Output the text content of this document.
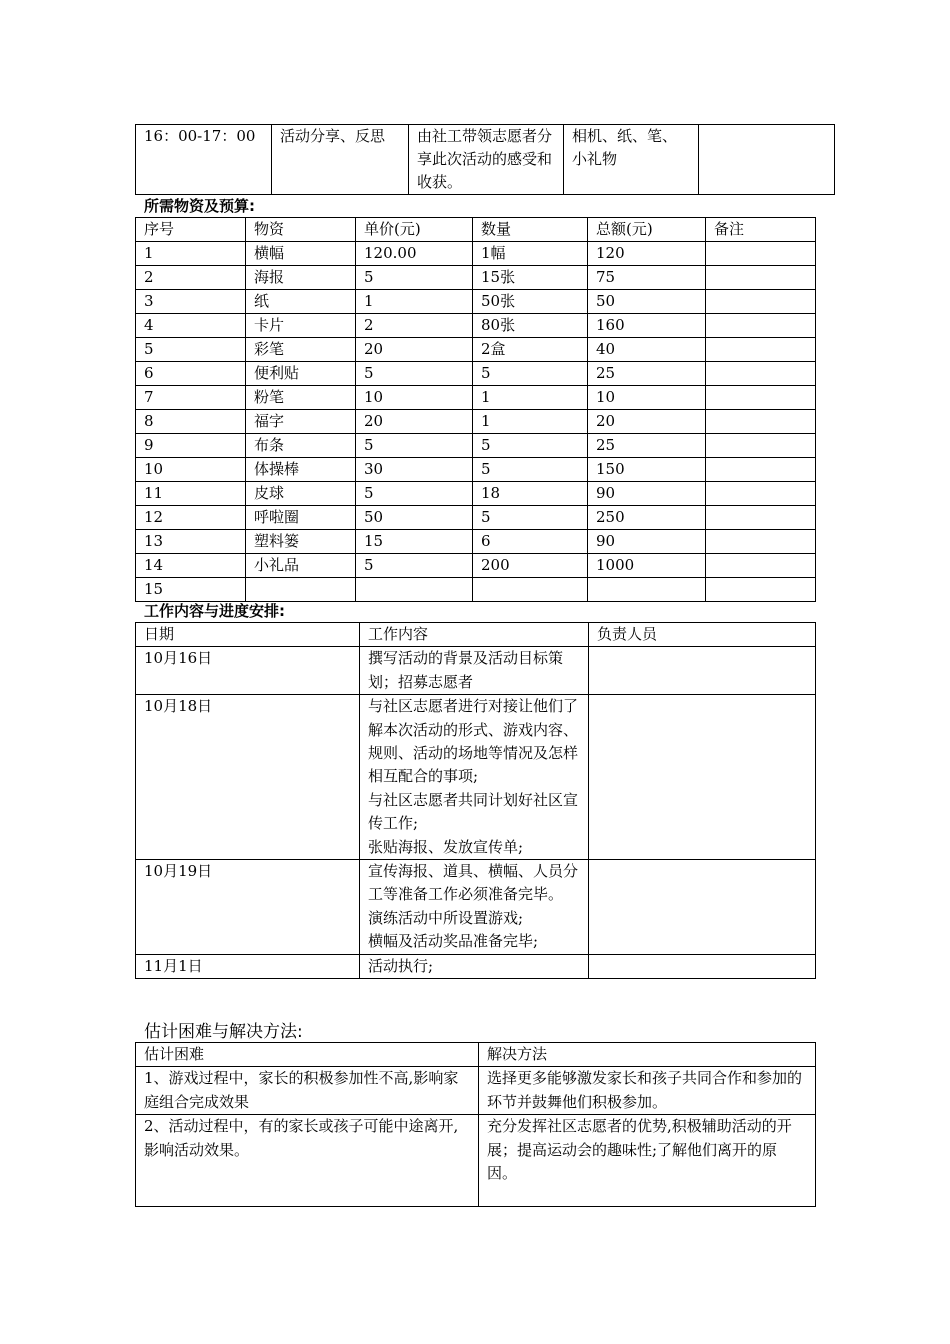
16：00-17：00	活动分享、反思	由社工带领志愿者分享此次活动的感受和收获。	相机、纸、笔、小礼物	
所需物资及预算:
序号	物资	单价(元)	数量	总额(元)	备注
1	横幅	120.00	1幅	120	
2	海报	5	15张	75	
3	纸	1	50张	50	
4	卡片	2	80张	160	
5	彩笔	20	2盒	40	
6	便利贴	5	5	25	
7	粉笔	10	1	10	
8	福字	20	1	20	
9	布条	5	5	25	
10	体操棒	30	5	150	
11	皮球	5	18	90	
12	呼啦圈	50	5	250	
13	塑料篓	15	6	90	
14	小礼品	5	200	1000	
15					
工作内容与进度安排:
日期	工作内容	负责人员
10月16日	撰写活动的背景及活动目标策划；招募志愿者	

10月18日	与社区志愿者进行对接让他们了解本次活动的形式、游戏内容、规则、活动的场地等情况及怎样相互配合的事项;
与社区志愿者共同计划好社区宣传工作;
张贴海报、发放宣传单;	

10月19日	宣传海报、道具、横幅、人员分工等准备工作必须准备完毕。
演练活动中所设置游戏;
横幅及活动奖品准备完毕;	

11月1日	活动执行;	

估计困难与解决方法:
估计困难	解决方法
1、游戏过程中，家长的积极参加性不高,影响家庭组合完成效果	选择更多能够激发家长和孩子共同合作和参加的环节并鼓舞他们积极参加。
2、活动过程中，有的家长或孩子可能中途离开,影响活动效果。	充分发挥社区志愿者的优势,积极辅助活动的开展；提高运动会的趣味性;了解他们离开的原因。
